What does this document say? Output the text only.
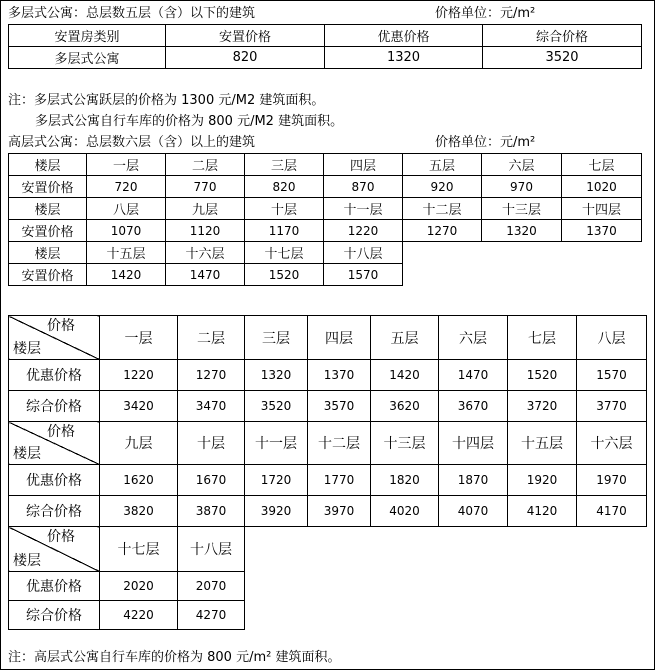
多层式公寓：总层数五层（含）以下的建筑	价格单位：元/m²
安置房类别	安置价格	优惠价格	综合价格
多层式公寓	820	1320	3520
注：多层式公寓跃层的价格为 1300 元/M2 建筑面积。
多层式公寓自行车库的价格为 800 元/M2 建筑面积。
高层式公寓：总层数六层（含）以上的建筑	价格单位：元/m²
楼层	一层	二层	三层	四层	五层	六层	七层
安置价格	720	770	820	870	920	970	1020
楼层	八层	九层	十层	十一层	十二层	十三层	十四层
安置价格	1070	1120	1170	1220	1270	1320	1370
楼层	十五层	十六层	十七层	十八层			
安置价格	1420	1470	1520	1570			
价格
楼层	一层	二层	三层	四层	五层	六层	七层	八层
优惠价格	1220	1270	1320	1370	1420	1470	1520	1570
综合价格	3420	3470	3520	3570	3620	3670	3720	3770

价格
楼层	九层	十层	十一层	十二层	十三层	十四层	十五层	十六层
优惠价格	1620	1670	1720	1770	1820	1870	1920	1970
综合价格	3820	3870	3920	3970	4020	4070	4120	4170

价格
楼层	十七层	十八层						
优惠价格	2020	2070						
综合价格	4220	4270						
注：高层式公寓自行车库的价格为 800 元/m² 建筑面积。
